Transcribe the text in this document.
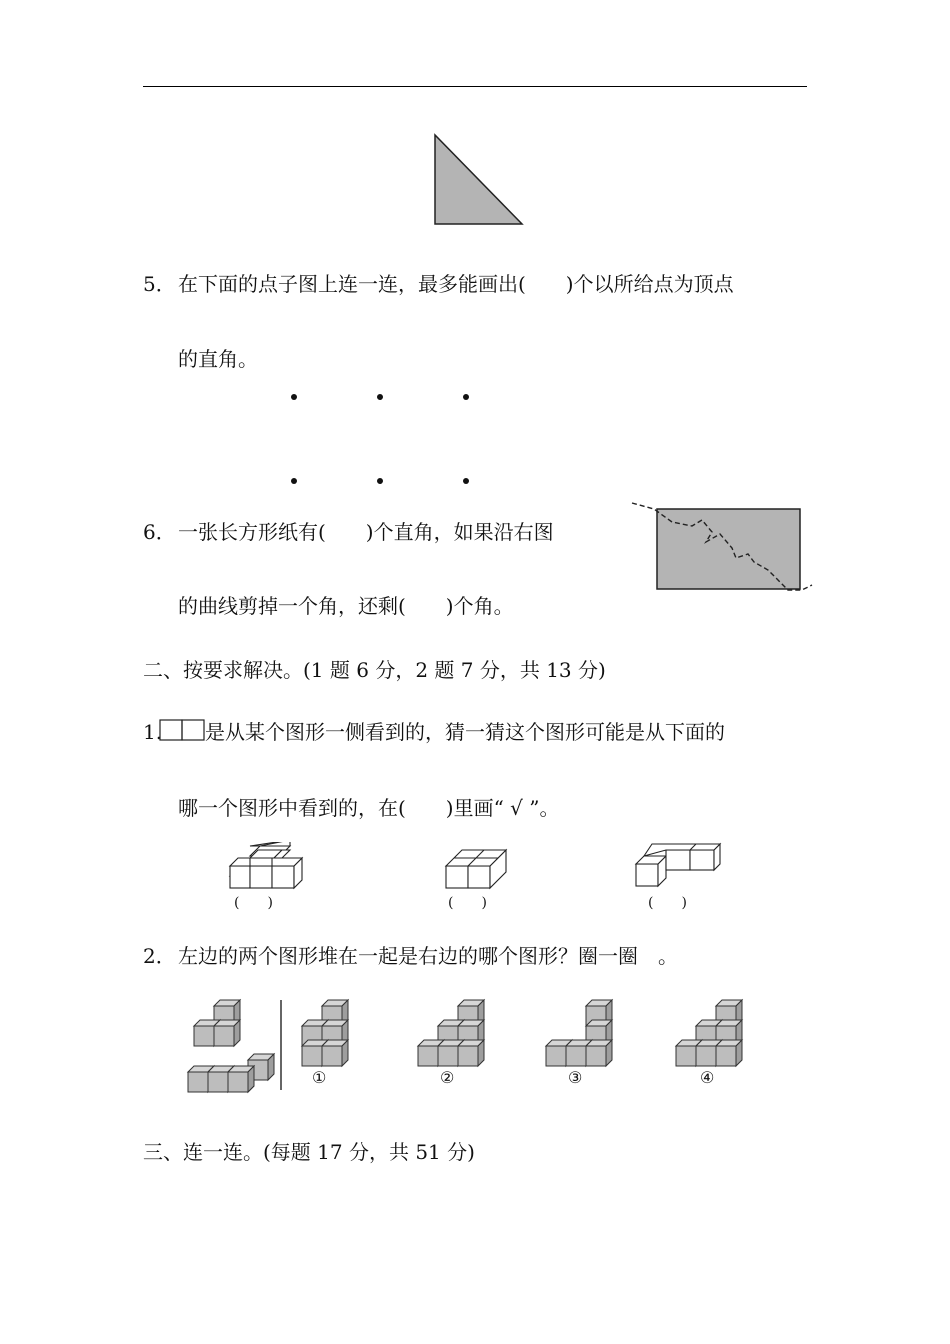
5． 在下面的点子图上连一连，最多能画出(　　)个以所给点为顶点
的直角。
6． 一张长方形纸有(　　)个直角，如果沿右图
的曲线剪掉一个角，还剩(　　)个角。
二、按要求解决。(1 题 6 分，2 题 7 分，共 13 分)
1. 是从某个图形一侧看到的，猜一猜这个图形可能是从下面的
哪一个图形中看到的，在(　　)里画“ √ ”。
(　　)	(　　)	(　　)
2． 左边的两个图形堆在一起是右边的哪个图形？圈一圈　。
①	②	③	④
三、连一连。(每题 17 分，共 51 分)
